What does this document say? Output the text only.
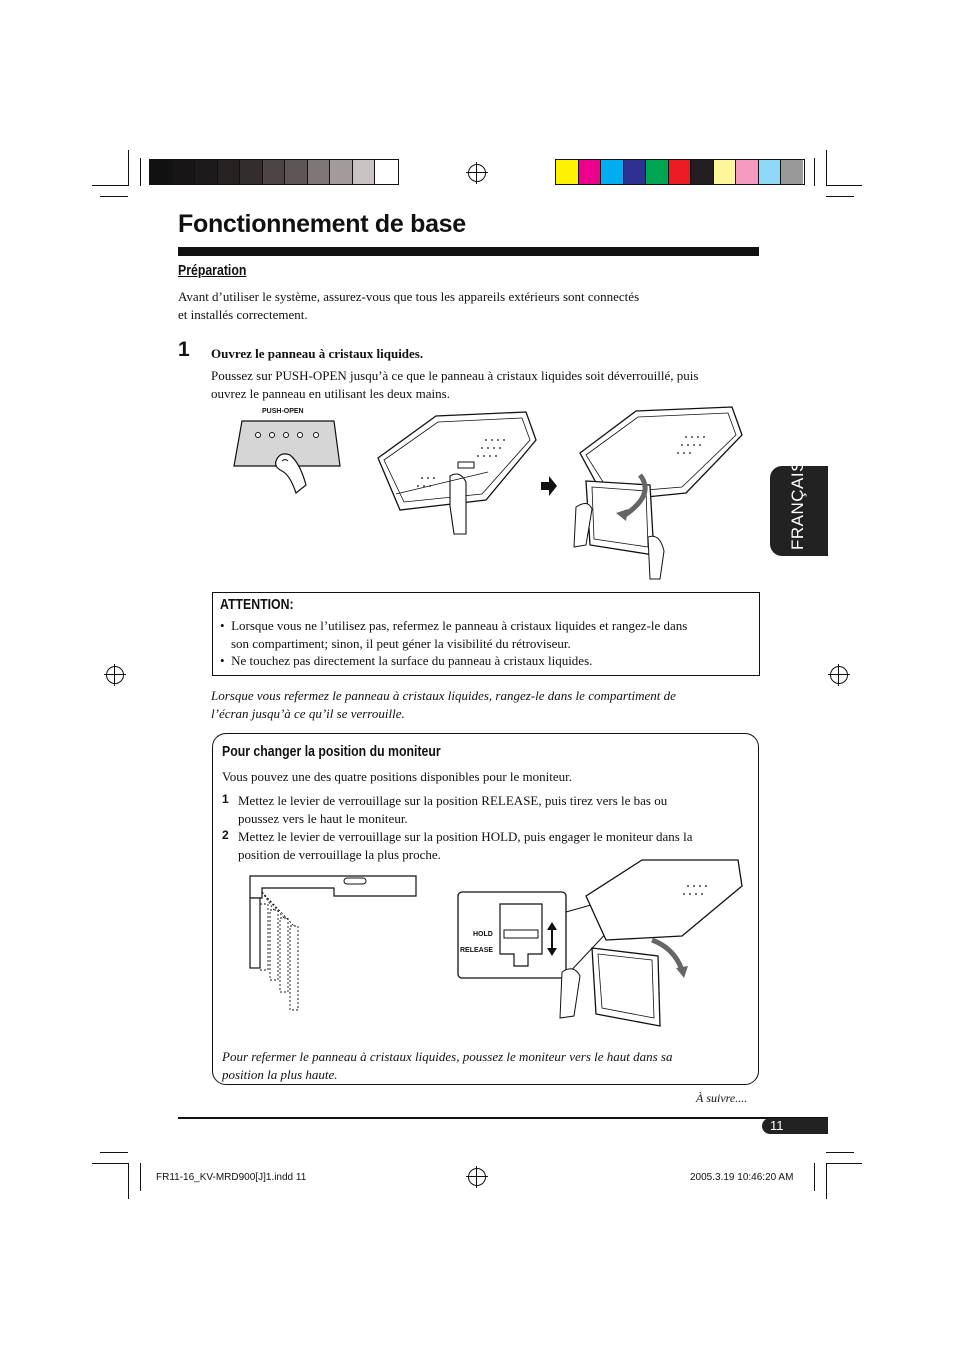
Fonctionnement de base
FRANÇAIS
Préparation
Avant d’utiliser le système, assurez-vous que tous les appareils extérieurs sont connectés
et installés correctement.
1 Ouvrez le panneau à cristaux liquides.
Poussez sur PUSH-OPEN jusqu’à ce que le panneau à cristaux liquides soit déverrouillé, puis
ouvrez le panneau en utilisant les deux mains.
PUSH-OPEN
ATTENTION:
•  Lorsque vous ne l’utilisez pas, refermez le panneau à cristaux liquides et rangez-le dans
son compartiment; sinon, il peut géner la visibilité du rétroviseur.
•  Ne touchez pas directement la surface du panneau à cristaux liquides.
Lorsque vous refermez le panneau à cristaux liquides, rangez-le dans le compartiment de
l’écran jusqu’à ce qu’il se verrouille.
Pour changer la position du moniteur
Vous pouvez une des quatre positions disponibles pour le moniteur.
1 Mettez le levier de verrouillage sur la position RELEASE, puis tirez vers le bas ou
poussez vers le haut le moniteur.
2 Mettez le levier de verrouillage sur la position HOLD, puis engager le moniteur dans la
position de verrouillage la plus proche.
HOLD
RELEASE
Pour refermer le panneau à cristaux liquides, poussez le moniteur vers le haut dans sa
position la plus haute.
À suivre....
11
FR11-16_KV-MRD900[J]1.indd 11	2005.3.19 10:46:20 AM
